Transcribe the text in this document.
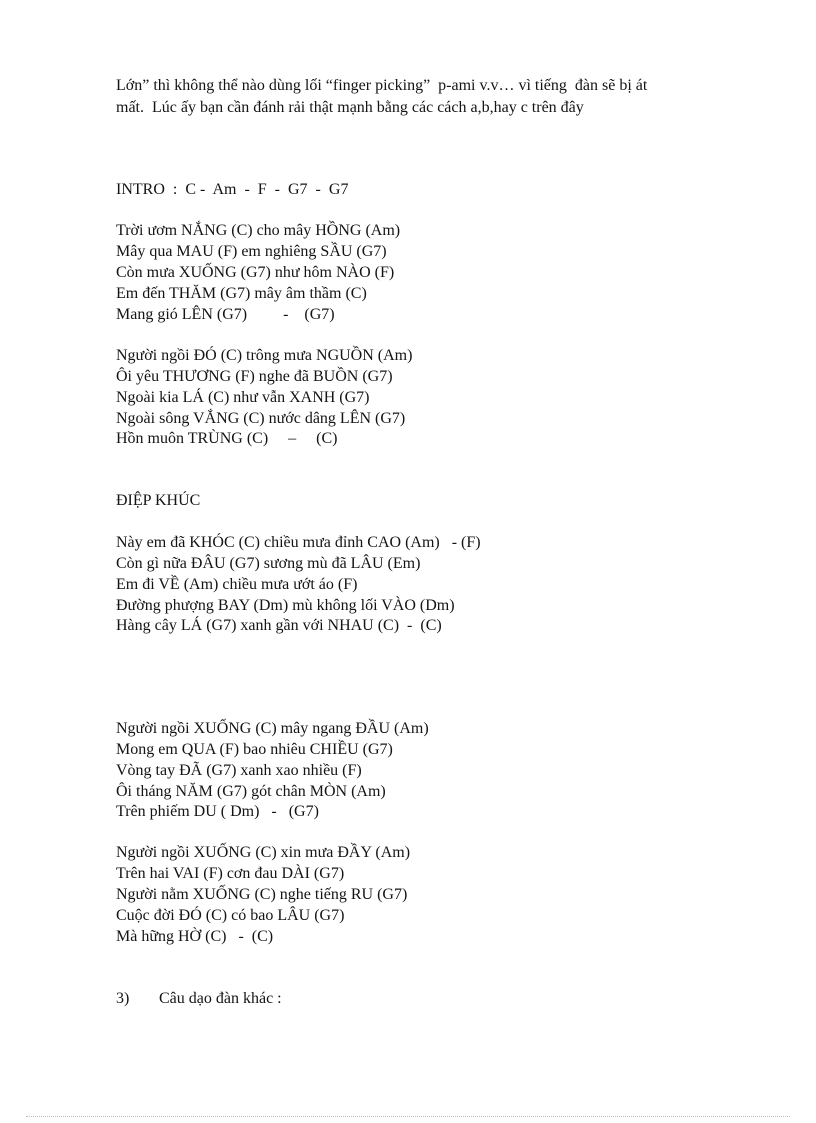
Lớn” thì không thể nào dùng lối “finger picking”  p-ami v.v… vì tiếng  đàn sẽ bị át
mất.  Lúc ấy bạn cần đánh rải thật mạnh bằng các cách a,b,hay c trên đây
INTRO  :  C -  Am  -  F  -  G7  -  G7
Trời ươm NẮNG (C) cho mây HỒNG (Am)
Mây qua MAU (F) em nghiêng SẦU (G7)
Còn mưa XUỐNG (G7) như hôm NÀO (F)
Em đến THĂM (G7) mây âm thầm (C)
Mang gió LÊN (G7)         -    (G7)
Người ngồi ĐÓ (C) trông mưa NGUỒN (Am)
Ôi yêu THƯƠNG (F) nghe đã BUỒN (G7)
Ngoài kia LÁ (C) như vẫn XANH (G7)
Ngoài sông VẮNG (C) nước dâng LÊN (G7)
Hồn muôn TRÙNG (C)     –     (C)
ĐIỆP KHÚC
Này em đã KHÓC (C) chiều mưa đỉnh CAO (Am)   - (F)
Còn gì nữa ĐÂU (G7) sương mù đã LÂU (Em)
Em đi VỀ (Am) chiều mưa ướt áo (F)
Đường phượng BAY (Dm) mù không lối VÀO (Dm)
Hàng cây LÁ (G7) xanh gần với NHAU (C)  -  (C)
Người ngồi XUỐNG (C) mây ngang ĐẦU (Am)
Mong em QUA (F) bao nhiêu CHIỀU (G7)
Vòng tay ĐÃ (G7) xanh xao nhiều (F)
Ôi tháng NĂM (G7) gót chân MÒN (Am)
Trên phiếm DU ( Dm)   -   (G7)
Người ngồi XUỐNG (C) xin mưa ĐẦY (Am)
Trên hai VAI (F) cơn đau DÀI (G7)
Người nằm XUỐNG (C) nghe tiếng RU (G7)
Cuộc đời ĐÓ (C) có bao LÂU (G7)
Mà hững HỜ (C)   -  (C)
3) Câu dạo đàn khác :
